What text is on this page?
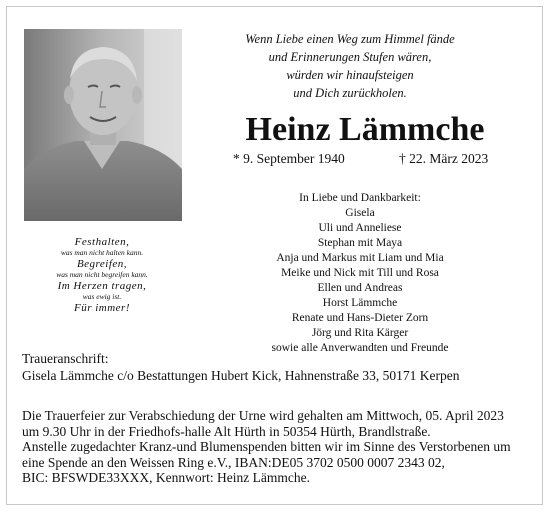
Wenn Liebe einen Weg zum Himmel fände
und Erinnerungen Stufen wären,
würden wir hinaufsteigen
und Dich zurückholen.
Heinz Lämmche
* 9. September 1940	† 22. März 2023
In Liebe und Dankbarkeit:
Gisela
Uli und Anneliese
Stephan mit Maya
Anja und Markus mit Liam und Mia
Meike und Nick mit Till und Rosa
Ellen und Andreas
Horst Lämmche
Renate und Hans-Dieter Zorn
Jörg und Rita Kärger
sowie alle Anverwandten und Freunde
Festhalten,
was man nicht halten kann.
Begreifen,
was man nicht begreifen kann.
Im Herzen tragen,
was ewig ist.
Für immer!
Traueranschrift:
Gisela Lämmche c/o Bestattungen Hubert Kick, Hahnenstraße 33, 50171 Kerpen
Die Trauerfeier zur Verabschiedung der Urne wird gehalten am Mittwoch, 05. April 2023
um 9.30 Uhr in der Friedhofs-halle Alt Hürth in 50354 Hürth, Brandlstraße.
Anstelle zugedachter Kranz-und Blumenspenden bitten wir im Sinne des Verstorbenen um
eine Spende an den Weissen Ring e.V., IBAN:DE05 3702 0500 0007 2343 02,
BIC: BFSWDE33XXX, Kennwort: Heinz Lämmche.
